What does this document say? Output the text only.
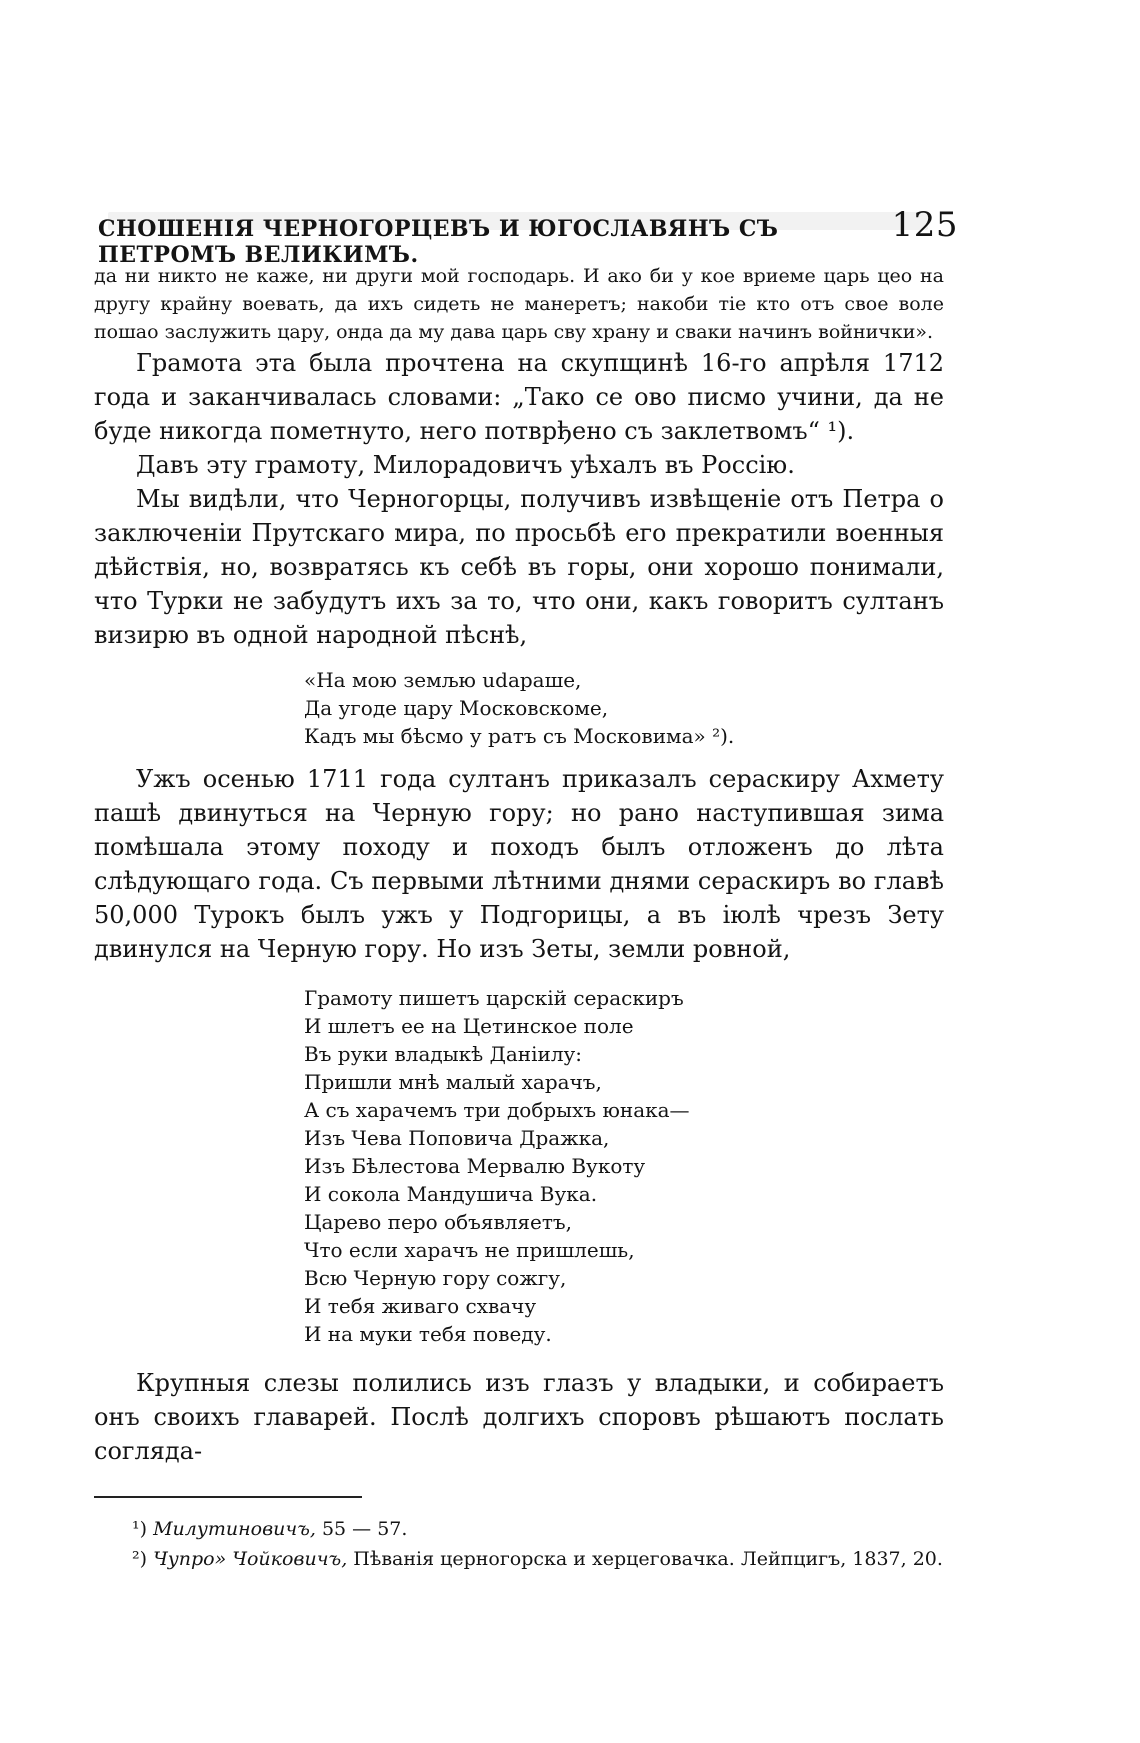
СНОШЕНІЯ ЧЕРНОГОРЦЕВЪ И ЮГОСЛАВЯНЪ СЪ ПЕТРОМЪ ВЕЛИКИМЪ.
125

да ни никто не каже, ни други мой господарь. И ако би у кое вриеме царь цео на другу крайну воевать, да ихъ сидеть не манеретъ; накоби тіе кто отъ свое воле пошао заслужить цару, онда да му дава царь сву храну и сваки начинъ войнички».

Грамота эта была прочтена на скупщинѣ 16-го апрѣля 1712 года и заканчивалась словами: „Тако се ово писмо учини, да не буде никогда пометнуто, него потврђено съ заклетвомъ“ ¹).

Давъ эту грамоту, Милорадовичъ уѣхалъ въ Россію.

Мы видѣли, что Черногорцы, получивъ извѣщеніе отъ Петра о заключеніи Прутскаго мира, по просьбѣ его прекратили военныя дѣйствія, но, возвратясь къ себѣ въ горы, они хорошо понимали, что Турки не забудутъ ихъ за то, что они, какъ говоритъ султанъ визирю въ одной народной пѣснѣ,

«На мою земљю udараше,
Да угоде цару Московскоме,
Кадъ мы бѣсмо у ратъ съ Московима» ²).

Ужъ осенью 1711 года султанъ приказалъ сераскиру Ахмету пашѣ двинуться на Черную гору; но рано наступившая зима помѣшала этому походу и походъ былъ отложенъ до лѣта слѣдующаго года. Съ первыми лѣтними днями сераскиръ во главѣ 50,000 Турокъ былъ ужъ у Подгорицы, а въ іюлѣ чрезъ Зету двинулся на Черную гору. Но изъ Зеты, земли ровной,

Грамоту пишетъ царскій сераскиръ
И шлетъ ее на Цетинское поле
Въ руки владыкѣ Даніилу:
Пришли мнѣ малый харачъ,
А съ харачемъ три добрыхъ юнака—
Изъ Чева Поповича Дражка,
Изъ Бѣлестова Мервалю Вукоту
И сокола Мандушича Вука.
Царево перо объявляетъ,
Что если харачъ не пришлешь,
Всю Черную гору сожгу,
И тебя живаго схвачу
И на муки тебя поведу.

Крупныя слезы полились изъ глазъ у владыки, и собираетъ онъ своихъ главарей. Послѣ долгихъ споровъ рѣшаютъ послать согляда-

¹) Милутиновичъ, 55 — 57.

²) Чупро» Чойковичъ, Пѣванія церногорска и херцеговачка. Лейпцигъ, 1837, 20.
